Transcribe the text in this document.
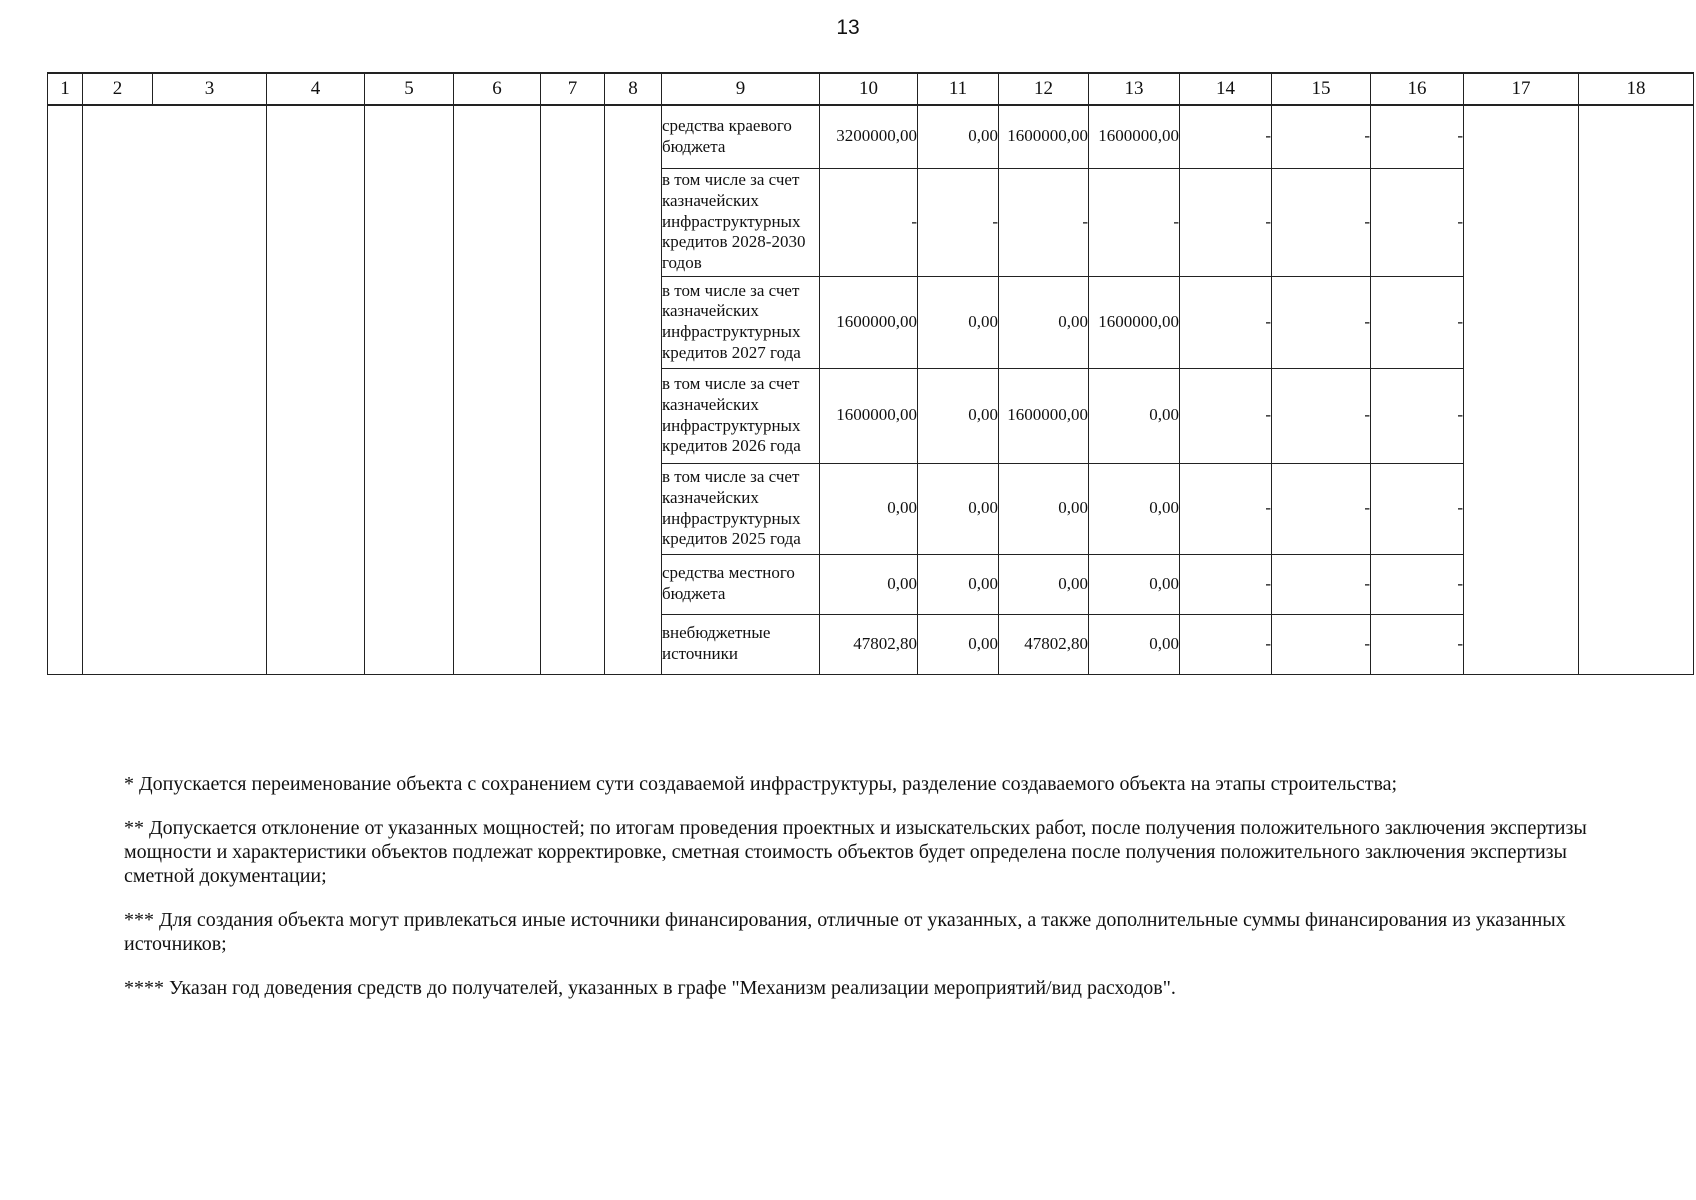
13
1	2	3	4	5	6	7	8	9	10	11	12	13	14	15	16	17	18
								средства краевого бюджета	3200000,00	0,00	1600000,00	1600000,00	-	-	-		
								в том числе за счет казначейских инфраструктурных кредитов 2028-2030 годов	-	-	-	-	-	-	-		
								в том числе за счет казначейских инфраструктурных кредитов 2027 года	1600000,00	0,00	0,00	1600000,00	-	-	-		
								в том числе за счет казначейских инфраструктурных кредитов 2026 года	1600000,00	0,00	1600000,00	0,00	-	-	-		
								в том числе за счет казначейских инфраструктурных кредитов 2025 года	0,00	0,00	0,00	0,00	-	-	-		
								средства местного бюджета	0,00	0,00	0,00	0,00	-	-	-		
								внебюджетные источники	47802,80	0,00	47802,80	0,00	-	-	-		

* Допускается переименование объекта с сохранением сути создаваемой инфраструктуры, разделение создаваемого объекта на этапы строительства;

** Допускается отклонение от указанных мощностей; по итогам проведения проектных и изыскательских работ, после получения положительного заключения экспертизы мощности и характеристики объектов подлежат корректировке, сметная стоимость объектов будет определена после получения положительного заключения экспертизы сметной документации;

*** Для создания объекта могут привлекаться иные источники финансирования, отличные от указанных, а также дополнительные суммы финансирования из указанных источников;

**** Указан год доведения средств до получателей, указанных в графе "Механизм реализации мероприятий/вид расходов".
